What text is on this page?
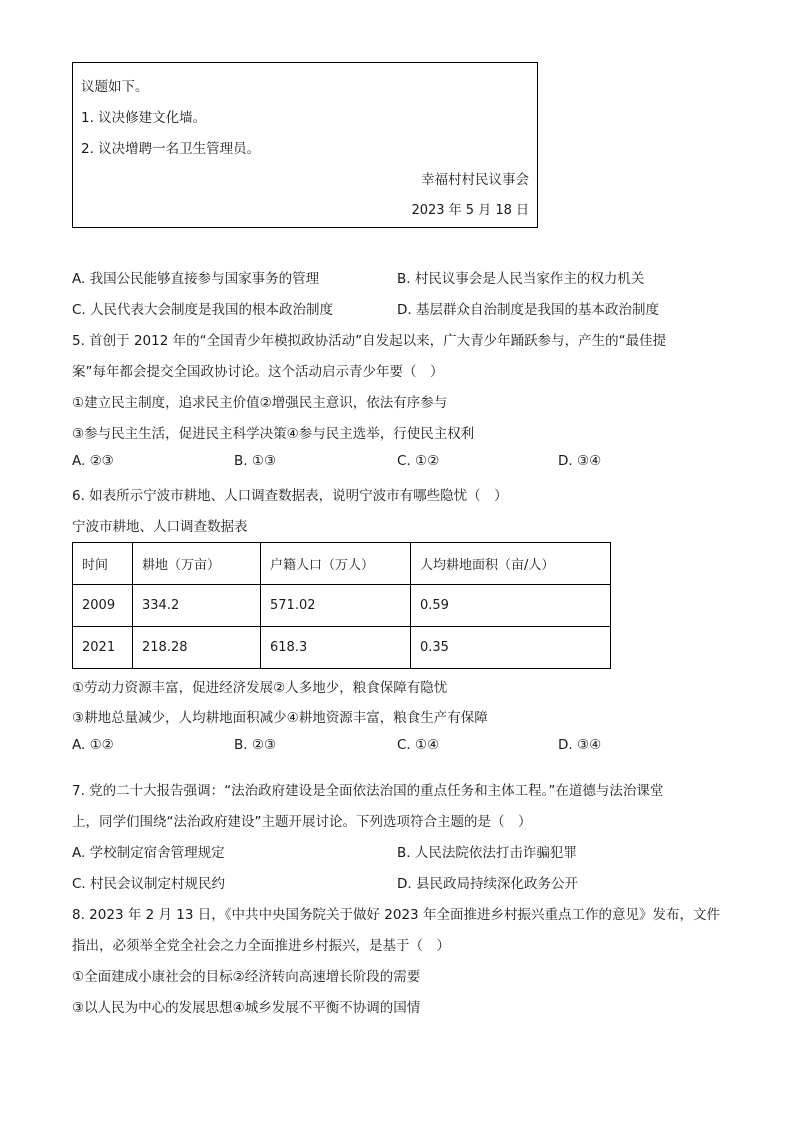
议题如下。
1. 议决修建文化墙。
2. 议决增聘一名卫生管理员。
幸福村村民议事会
2023 年 5 月 18 日
A. 我国公民能够直接参与国家事务的管理	B. 村民议事会是人民当家作主的权力机关
C. 人民代表大会制度是我国的根本政治制度	D. 基层群众自治制度是我国的基本政治制度
5. 首创于 2012 年的“全国青少年模拟政协活动”自发起以来，广大青少年踊跃参与，产生的“最佳提
案”每年都会提交全国政协讨论。这个活动启示青少年要（　）
①建立民主制度，追求民主价值②增强民主意识，依法有序参与
③参与民主生活，促进民主科学决策④参与民主选举，行使民主权利
A. ②③	B. ①③	C. ①②	D. ③④
6. 如表所示宁波市耕地、人口调查数据表，说明宁波市有哪些隐忧（　）
宁波市耕地、人口调查数据表
时间	耕地（万亩）	户籍人口（万人）	人均耕地面积（亩/人）
2009	334.2	571.02	0.59
2021	218.28	618.3	0.35
①劳动力资源丰富，促进经济发展②人多地少，粮食保障有隐忧
③耕地总量减少，人均耕地面积减少④耕地资源丰富，粮食生产有保障
A. ①②	B. ②③	C. ①④	D. ③④
7. 党的二十大报告强调：“法治政府建设是全面依法治国的重点任务和主体工程。”在道德与法治课堂
上，同学们围绕“法治政府建设”主题开展讨论。下列选项符合主题的是（　）
A. 学校制定宿舍管理规定	B. 人民法院依法打击诈骗犯罪
C. 村民会议制定村规民约	D. 县民政局持续深化政务公开
8. 2023 年 2 月 13 日，《中共中央国务院关于做好 2023 年全面推进乡村振兴重点工作的意见》发布，文件
指出，必须举全党全社会之力全面推进乡村振兴，是基于（　）
①全面建成小康社会的目标②经济转向高速增长阶段的需要
③以人民为中心的发展思想④城乡发展不平衡不协调的国情
